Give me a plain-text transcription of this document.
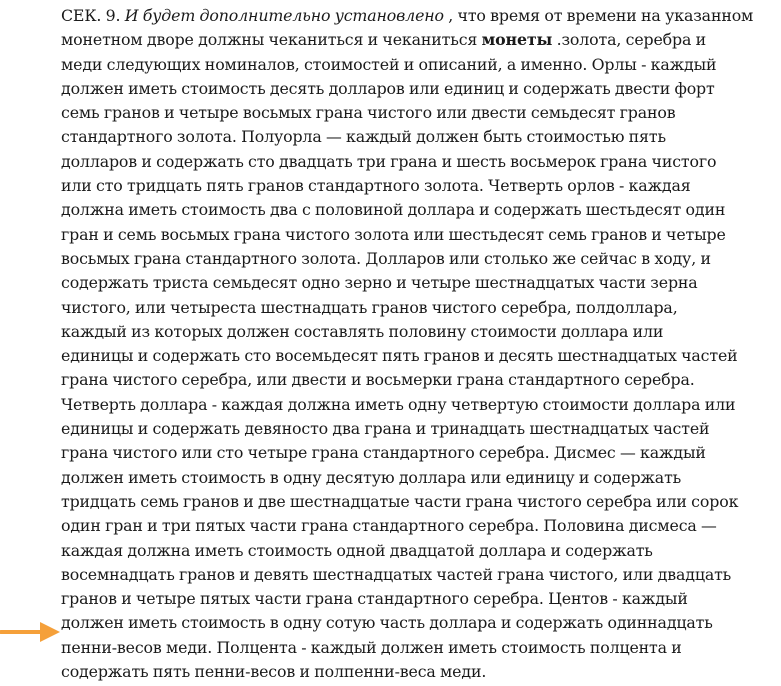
СЕК. 9. И будет дополнительно установлено , что время от времени на указанном
монетном дворе должны чеканиться и чеканиться монеты .золота, серебра и
меди следующих номиналов, стоимостей и описаний, а именно. Орлы - каждый
должен иметь стоимость десять долларов или единиц и содержать двести форт
семь гранов и четыре восьмых грана чистого или двести семьдесят гранов
стандартного золота. Полуорла — каждый должен быть стоимостью пять
долларов и содержать сто двадцать три грана и шесть восьмерок грана чистого
или сто тридцать пять гранов стандартного золота. Четверть орлов - каждая
должна иметь стоимость два с половиной доллара и содержать шестьдесят один
гран и семь восьмых грана чистого золота или шестьдесят семь гранов и четыре
восьмых грана стандартного золота. Долларов или столько же сейчас в ходу, и
содержать триста семьдесят одно зерно и четыре шестнадцатых части зерна
чистого, или четыреста шестнадцать гранов чистого серебра, полдоллара,
каждый из которых должен составлять половину стоимости доллара или
единицы и содержать сто восемьдесят пять гранов и десять шестнадцатых частей
грана чистого серебра, или двести и восьмерки грана стандартного серебра.
Четверть доллара - каждая должна иметь одну четвертую стоимости доллара или
единицы и содержать девяносто два грана и тринадцать шестнадцатых частей
грана чистого или сто четыре грана стандартного серебра. Дисмес — каждый
должен иметь стоимость в одну десятую доллара или единицу и содержать
тридцать семь гранов и две шестнадцатые части грана чистого серебра или сорок
один гран и три пятых части грана стандартного серебра. Половина дисмеса —
каждая должна иметь стоимость одной двадцатой доллара и содержать
восемнадцать гранов и девять шестнадцатых частей грана чистого, или двадцать
гранов и четыре пятых части грана стандартного серебра. Центов - каждый
должен иметь стоимость в одну сотую часть доллара и содержать одиннадцать
пенни-весов меди. Полцента - каждый должен иметь стоимость полцента и
содержать пять пенни-весов и полпенни-веса меди.
